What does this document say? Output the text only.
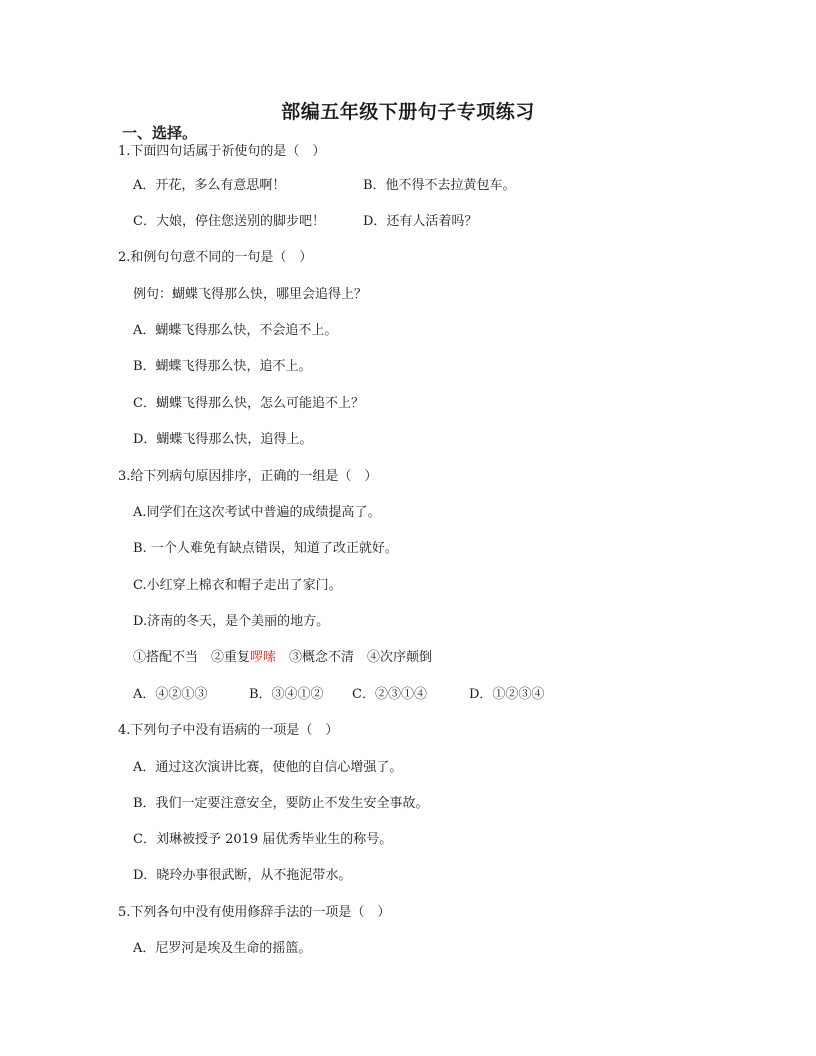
部编五年级下册句子专项练习
一、选择。
1.下面四句话属于祈使句的是（　）
A．开花，多么有意思啊！	B．他不得不去拉黄包车。
C．大娘，停住您送别的脚步吧！	D．还有人活着吗？
2.和例句句意不同的一句是（　）
例句：蝴蝶飞得那么快，哪里会追得上？
A．蝴蝶飞得那么快，不会追不上。
B．蝴蝶飞得那么快，追不上。
C．蝴蝶飞得那么快，怎么可能追不上？
D．蝴蝶飞得那么快，追得上。
3.给下列病句原因排序，正确的一组是（　）
A.同学们在这次考试中普遍的成绩提高了。
B. 一个人难免有缺点错误，知道了改正就好。
C.小红穿上棉衣和帽子走出了家门。
D.济南的冬天，是个美丽的地方。
①搭配不当　②重复啰嗦　③概念不清　④次序颠倒
A．④②①③	B．③④①② C．②③①④	D．①②③④
4.下列句子中没有语病的一项是（　）
A．通过这次演讲比赛，使他的自信心增强了。
B．我们一定要注意安全，要防止不发生安全事故。
C．刘琳被授予 2019 届优秀毕业生的称号。
D．晓玲办事很武断，从不拖泥带水。
5.下列各句中没有使用修辞手法的一项是（　）
A．尼罗河是埃及生命的摇篮。
